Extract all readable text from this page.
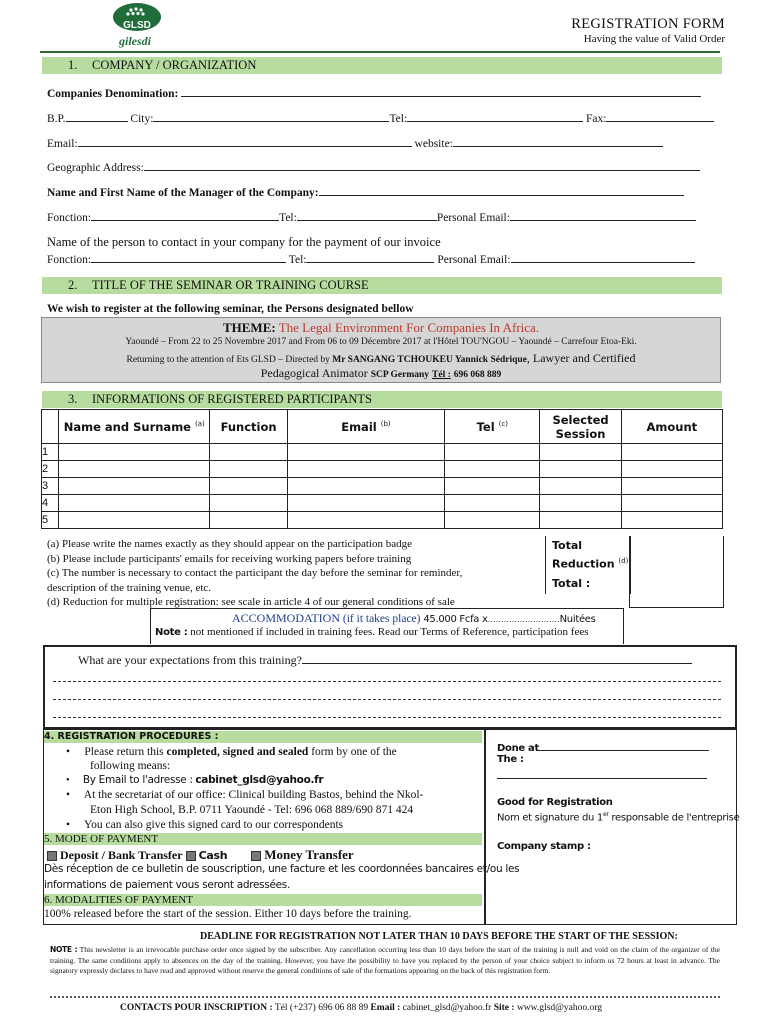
GLSD
gilesdi
REGISTRATION FORM
Having the value of Valid Order
1. COMPANY / ORGANIZATION
Companies Denomination:
B.P.	City:	Tel:	Fax:
Email:	website:
Geographic Address:
Name and First Name of the Manager of the Company:
Fonction:	Tel:	Personal Email:
Name of the person to contact in your company for the payment of our invoice
Fonction:	Tel:	Personal Email:
2. TITLE OF THE SEMINAR OR TRAINING COURSE
We wish to register at the following seminar, the Persons designated bellow
THEME: The Legal Environment For Companies In Africa.
Yaoundé – From 22 to 25 Novembre 2017 and From 06 to 09 Décembre 2017 at l'Hôtel TOU'NGOU – Yaoundé – Carrefour Etoa-Eki.
Returning to the attention of Ets GLSD – Directed by Mr SANGANG TCHOUKEU Yannick Sédrique, Lawyer and Certified
Pedagogical Animator SCP Germany Tél : 696 068 889
3. INFORMATIONS OF REGISTERED PARTICIPANTS
	Name and Surname $^{(a)}$	Function	Email $^{(b)}$	Tel $^{(c)}$	Selected Session	Amount
1						
2						
3						
4						
5						
(a) Please write the names exactly as they should appear on the participation badge
(b) Please include participants' emails for receiving working papers before training
(c) The number is necessary to contact the participant the day before the seminar for reminder,
description of the training venue, etc.
(d) Reduction for multiple registration: see scale in article 4 of our general conditions of sale
Total
Reduction $^{(d)}$
Total :
ACCOMMODATION (if it takes place) 45.000 Fcfa x………………………Nuitées
Note : not mentioned if included in training fees. Read our Terms of Reference, participation fees
What are your expectations from this training?
4. REGISTRATION PROCEDURES :
• Please return this completed, signed and sealed form by one of the
following means:
• By Email to l'adresse : cabinet_glsd@yahoo.fr
• At the secretariat of our office: Clinical building Bastos, behind the Nkol-
Eton High School, B.P. 0711 Yaoundé - Tel: 696 068 889/690 871 424
• You can also give this signed card to our correspondents
5. MODE OF PAYMENT
Deposit / Bank Transfer Cash	Money Transfer
Dès réception de ce bulletin de souscription, une facture et les coordonnées bancaires et/ou les
informations de paiement vous seront adressées.
6. MODALITIES OF PAYMENT
100% released before the start of the session. Either 10 days before the training.
Done at
The :
Good for Registration
Nom et signature du 1er responsable de l'entreprise
Company stamp :
DEADLINE FOR REGISTRATION NOT LATER THAN 10 DAYS BEFORE THE START OF THE SESSION:
NOTE : This newsletter is an irrevocable purchase order once signed by the subscriber. Any cancellation occurring less than 10 days before the start of the training is null and void on the claim of the organizer of the training. The same conditions apply to absences on the day of the training. However, you have the possibility to have you replaced by the person of your choice subject to inform us 72 hours at least in advance. The signatory expressly declares to have read and approved without reserve the general conditions of sale of the formations appearing on the back of this registration form.
CONTACTS POUR INSCRIPTION : Tél (+237) 696 06 88 89 Email : cabinet_glsd@yahoo.fr Site : www.glsd@yahoo.org
